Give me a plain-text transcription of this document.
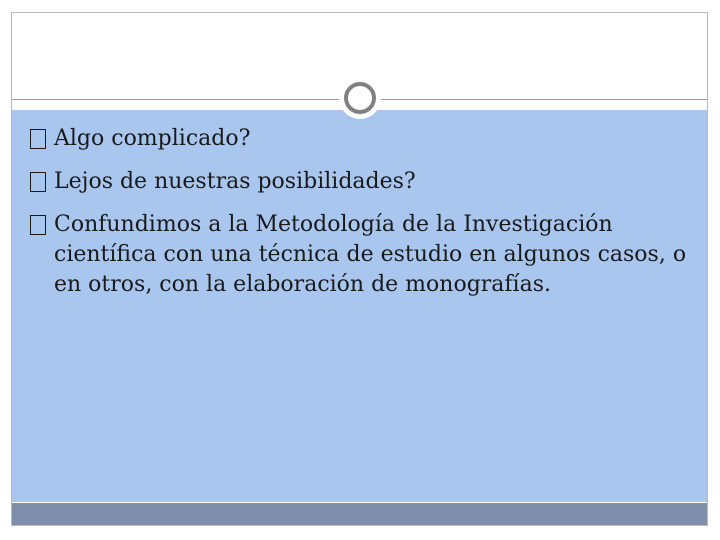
Algo complicado?
Lejos de nuestras posibilidades?
Confundimos a la Metodología de la Investigación científica con una técnica de estudio en algunos casos, o en otros, con la elaboración de monografías.
